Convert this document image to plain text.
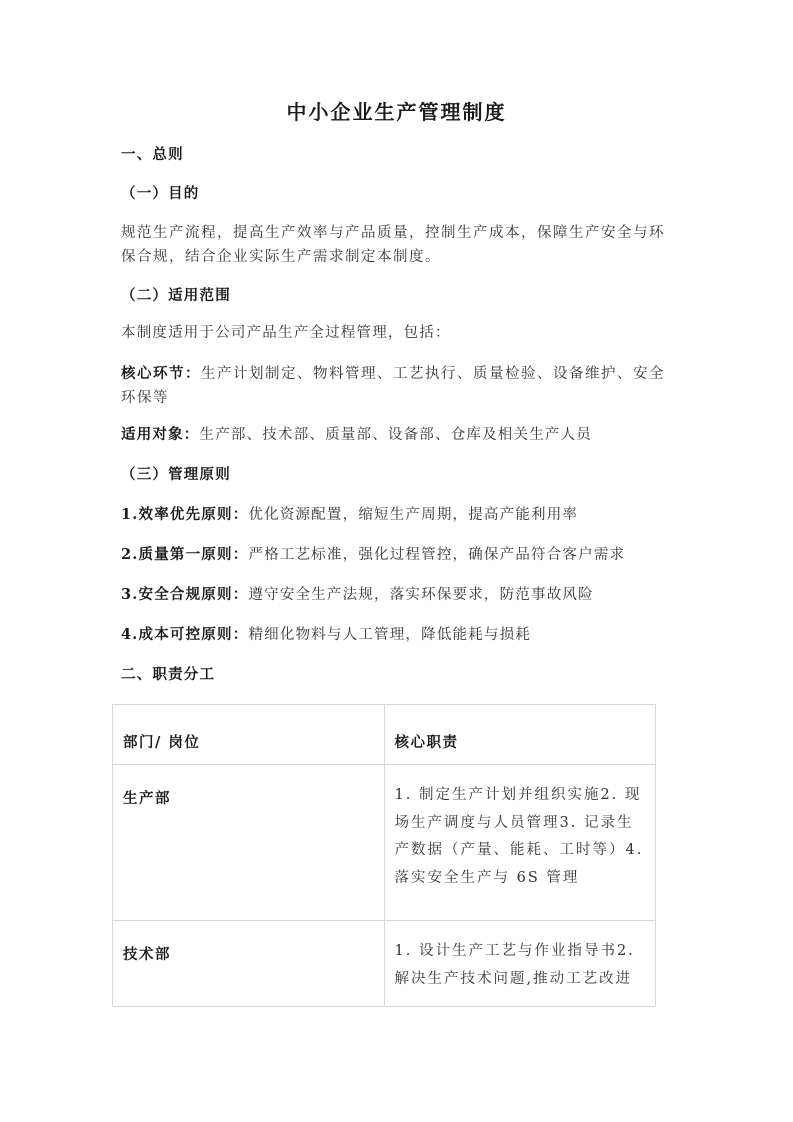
中小企业生产管理制度
一、总则
（一）目的
规范生产流程，提高生产效率与产品质量，控制生产成本，保障生产安全与环保合规，结合企业实际生产需求制定本制度。
（二）适用范围
本制度适用于公司产品生产全过程管理，包括：
核心环节：生产计划制定、物料管理、工艺执行、质量检验、设备维护、安全环保等
适用对象：生产部、技术部、质量部、设备部、仓库及相关生产人员
（三）管理原则
1.效率优先原则：优化资源配置，缩短生产周期，提高产能利用率
2.质量第一原则：严格工艺标准，强化过程管控，确保产品符合客户需求
3.安全合规原则：遵守安全生产法规，落实环保要求，防范事故风险
4.成本可控原则：精细化物料与人工管理，降低能耗与损耗
二、职责分工
部门/ 岗位	核心职责
生产部	1. 制定生产计划并组织实施2. 现场生产调度与人员管理3. 记录生产数据（产量、能耗、工时等）4. 落实安全生产与 6S 管理
技术部	1. 设计生产工艺与作业指导书2. 解决生产技术问题,推动工艺改进
